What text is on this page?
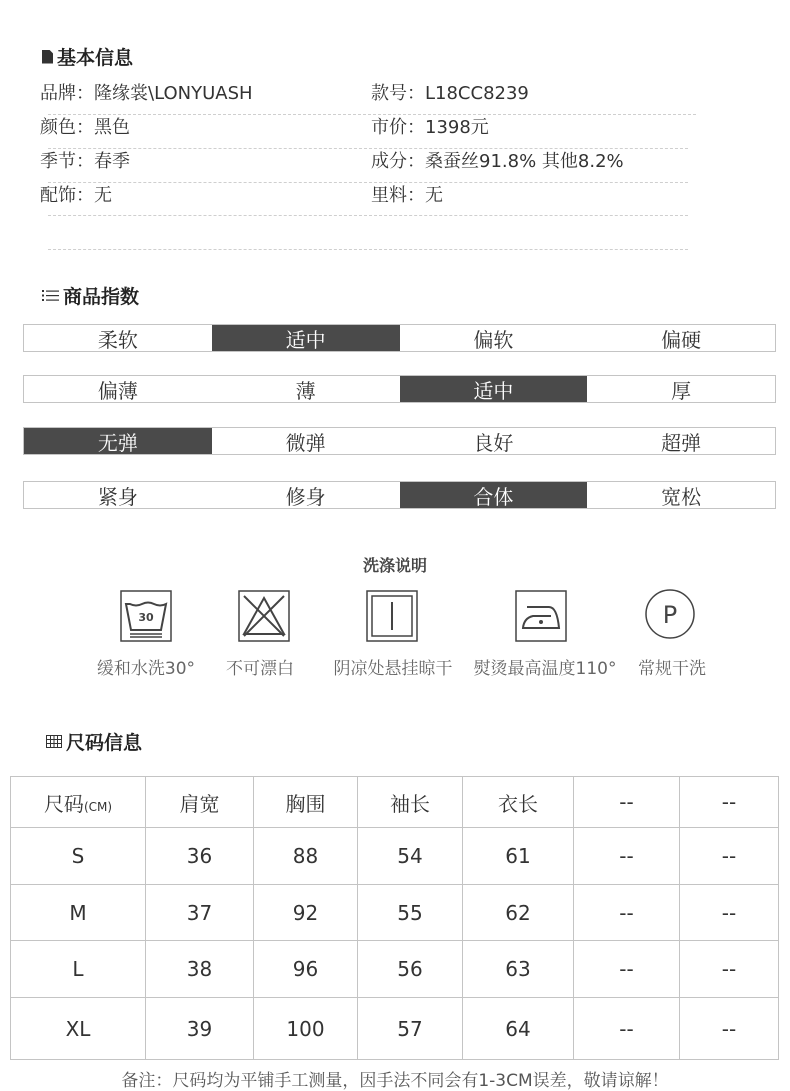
基本信息
品牌：隆缘裳\LONYUASH	款号：L18CC8239
颜色：黑色	市价：1398元
季节：春季	成分：桑蚕丝91.8% 其他8.2%
配饰：无	里料：无
商品指数
柔软	适中	偏软	偏硬
偏薄	薄	适中	厚
无弹	微弹	良好	超弹
紧身	修身	合体	宽松
洗涤说明
30	P
缓和水洗30° 不可漂白 阴凉处悬挂晾干 熨烫最高温度110° 常规干洗
尺码信息
尺码(CM)	肩宽	胸围	袖长	衣长	--	--
S	36	88	54	61	--	--
M	37	92	55	62	--	--
L	38	96	56	63	--	--
XL	39	100	57	64	--	--
备注：尺码均为平铺手工测量，因手法不同会有1-3CM误差，敬请谅解！
